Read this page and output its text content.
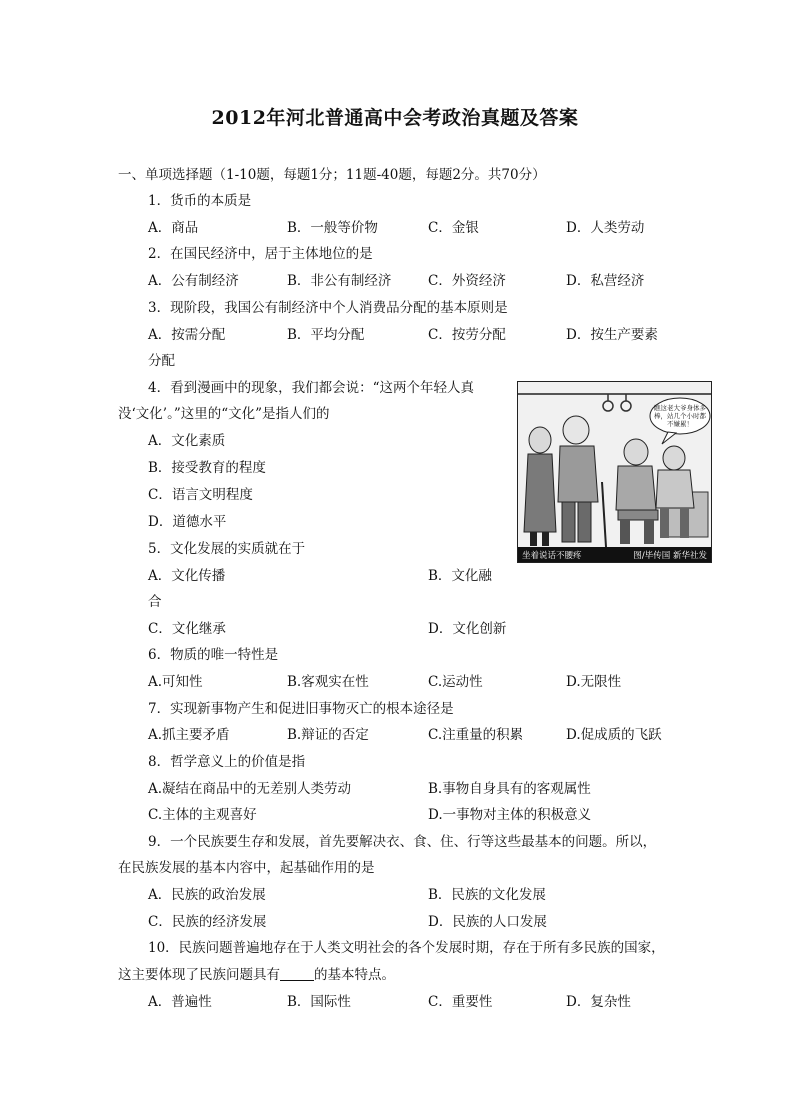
2012年河北普通高中会考政治真题及答案
一、单项选择题（1-10题，每题1分；11题-40题，每题2分。共70分）
1．货币的本质是
A．商品	B．一般等价物	C．金银	D．人类劳动
2．在国民经济中，居于主体地位的是
A．公有制经济	B．非公有制经济	C．外资经济	D．私营经济
3．现阶段，我国公有制经济中个人消费品分配的基本原则是
A．按需分配	B．平均分配	C．按劳分配	D．按生产要素
分配
4．看到漫画中的现象，我们都会说：“这两个年轻人真
没‘文化’。”这里的“文化”是指人们的
A．文化素质
B．接受教育的程度
C．语言文明程度
D．道德水平
瞧这老大爷身体多棒，站几个小时都不嫌累！
坐着说话不腰疼	图/毕传国 新华社发
5．文化发展的实质就在于
A．文化传播	B．文化融
合
C．文化继承	D．文化创新
6．物质的唯一特性是
A.可知性	B.客观实在性	C.运动性	D.无限性
7．实现新事物产生和促进旧事物灭亡的根本途径是
A.抓主要矛盾	B.辩证的否定	C.注重量的积累	D.促成质的飞跃
8．哲学意义上的价值是指
A.凝结在商品中的无差别人类劳动	B.事物自身具有的客观属性
C.主体的主观喜好	D.一事物对主体的积极意义
9．一个民族要生存和发展，首先要解决衣、食、住、行等这些最基本的问题。所以，
在民族发展的基本内容中，起基础作用的是
A．民族的政治发展	B．民族的文化发展
C．民族的经济发展	D．民族的人口发展
10．民族问题普遍地存在于人类文明社会的各个发展时期，存在于所有多民族的国家，
这主要体现了民族问题具有	的基本特点。
A．普遍性	B．国际性	C．重要性	D．复杂性
